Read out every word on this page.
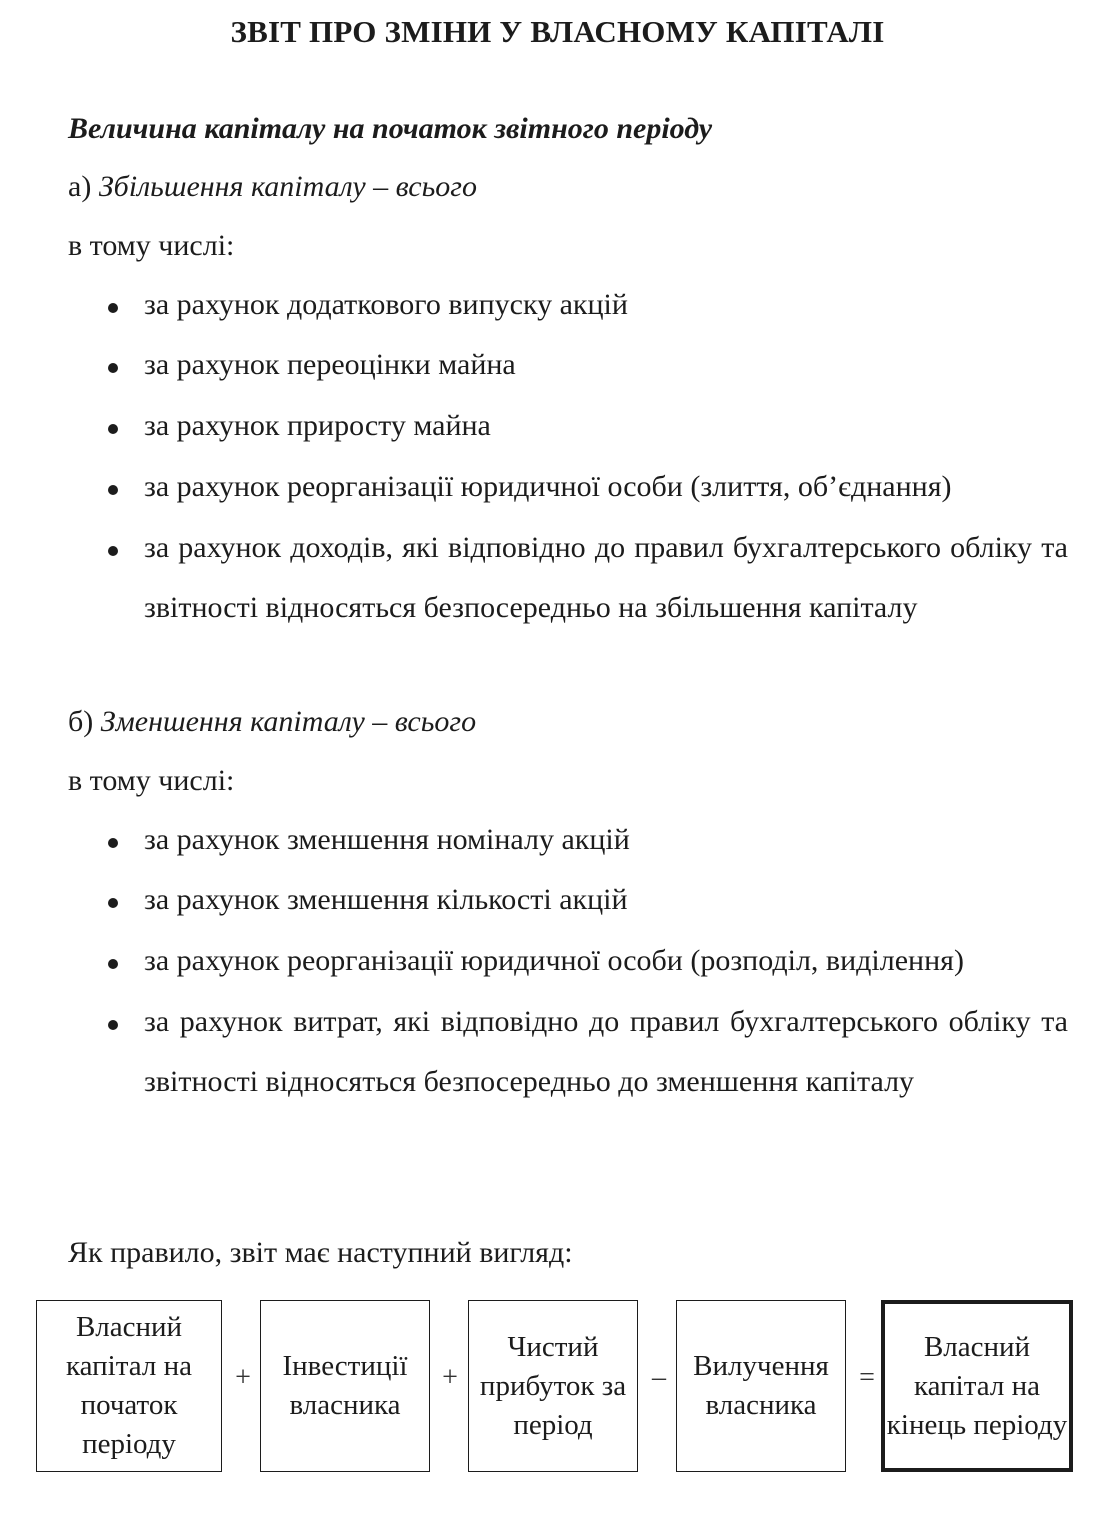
ЗВІТ ПРО ЗМІНИ У ВЛАСНОМУ КАПІТАЛІ
Величина капіталу на початок звітного періоду
а) Збільшення капіталу – всього
в тому числі:
за рахунок додаткового випуску акцій
за рахунок переоцінки майна
за рахунок приросту майна
за рахунок реорганізації юридичної особи (злиття, об’єднання)
за рахунок доходів, які відповідно до правил бухгалтерського обліку та звітності відносяться безпосередньо на збільшення капіталу
б) Зменшення капіталу – всього
в тому числі:
за рахунок зменшення номіналу акцій
за рахунок зменшення кількості акцій
за рахунок реорганізації юридичної особи (розподіл, виділення)
за рахунок витрат, які відповідно до правил бухгалтерського обліку та звітності відносяться безпосередньо до зменшення капіталу
Як правило, звіт має наступний вигляд:
Власний капітал на початок періоду
+	Інвестиції власника
+
Чистий прибуток за період
– Вилучення власника
=
Власний капітал на кінець періоду
